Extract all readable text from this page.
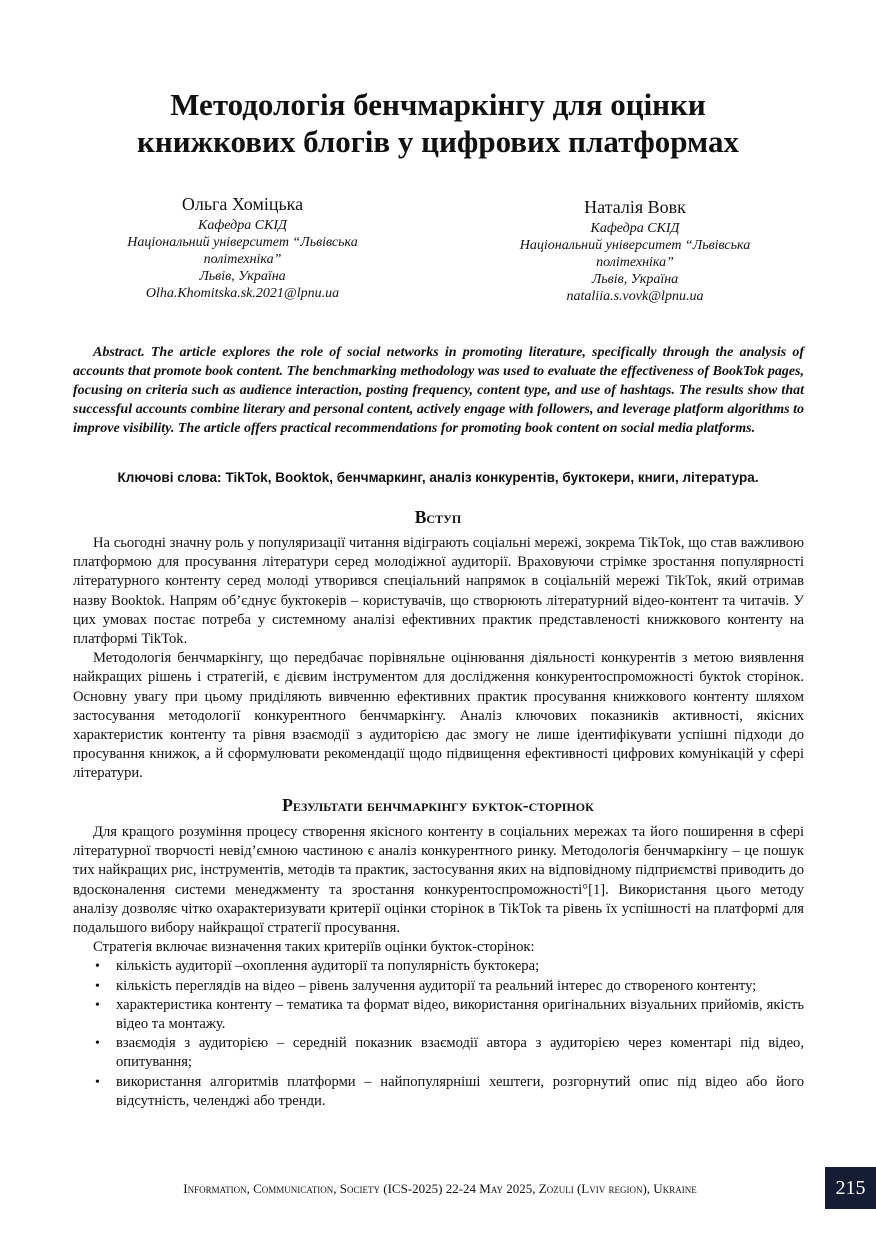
Методологія бенчмаркінгу для оцінки
книжкових блогів у цифрових платформах
Ольга Хоміцька
Кафедра СКІД
Національний університет “Львівська
політехніка”
Львів, Україна
Olha.Khomitska.sk.2021@lpnu.ua
Наталія Вовк
Кафедра СКІД
Національний університет “Львівська
політехніка”
Львів, Україна
nataliia.s.vovk@lpnu.ua

Abstract. The article explores the role of social networks in promoting literature, specifically through the analysis of accounts that promote book content. The benchmarking methodology was used to evaluate the effectiveness of BookTok pages, focusing on criteria such as audience interaction, posting frequency, content type, and use of hashtags. The results show that successful accounts combine literary and personal content, actively engage with followers, and leverage platform algorithms to improve visibility. The article offers practical recommendations for promoting book content on social media platforms.

Ключові слова: TikTok, Booktok, бенчмаркинг, аналіз конкурентів, буктокери, книги, література.

Вступ

На сьогодні значну роль у популяризації читання відіграють соціальні мережі, зокрема TikTok, що став важливою платформою для просування літератури серед молодіжної аудиторії. Враховуючи стрімке зростання популярності літературного контенту серед молоді утворився спеціальний напрямок в соціальній мережі TikTok, який отримав назву Booktok. Напрям об’єднує буктокерів – користувачів, що створюють літературний відео-контент та читачів. У цих умовах постає потреба у системному аналізі ефективних практик представленості книжкового контенту на платформі TikTok.

Методологія бенчмаркінгу, що передбачає порівняльне оцінювання діяльності конкурентів з метою виявлення найкращих рішень і стратегій, є дієвим інструментом для дослідження конкурентоспроможності буктоk сторінок. Основну увагу при цьому приділяють вивченню ефективних практик просування книжкового контенту шляхом застосування методології конкурентного бенчмаркінгу. Аналіз ключових показників активності, якісних характеристик контенту та рівня взаємодії з аудиторією дає змогу не лише ідентифікувати успішні підходи до просування книжок, а й сформулювати рекомендації щодо підвищення ефективності цифрових комунікацій у сфері літератури.

Результати бенчмаркінгу букток-сторінок

Для кращого розуміння процесу створення якісного контенту в соціальних мережах та його поширення в сфері літературної творчості невід’ємною частиною є аналіз конкурентного ринку. Методологія бенчмаркінгу – це пошук тих найкращих рис, інструментів, методів та практик, застосування яких на відповідному підприємстві приводить до вдосконалення системи менеджменту та зростання конкурентоспроможності°[1]. Використання цього методу аналізу дозволяє чітко охарактеризувати критерії оцінки сторінок в TikTok та рівень їх успішності на платформі для подальшого вибору найкращої стратегії просування.

Стратегія включає визначення таких критеріїв оцінки букток-сторінок:

• кількість аудиторії –охоплення аудиторії та популярність буктокера;
• кількість переглядів на відео – рівень залучення аудиторії та реальний інтерес до створеного контенту;
• характеристика контенту – тематика та формат відео, використання оригінальних візуальних прийомів, якість відео та монтажу.
• взаємодія з аудиторією – середній показник взаємодії автора з аудиторією через коментарі під відео, опитування;
• використання алгоритмів платформи – найпопулярніші хештеги, розгорнутий опис під відео або його відсутність, челенджі або тренди.

Information, Communication, Society (ICS-2025) 22-24 May 2025, Zozuli (Lviv region), Ukraine	215
